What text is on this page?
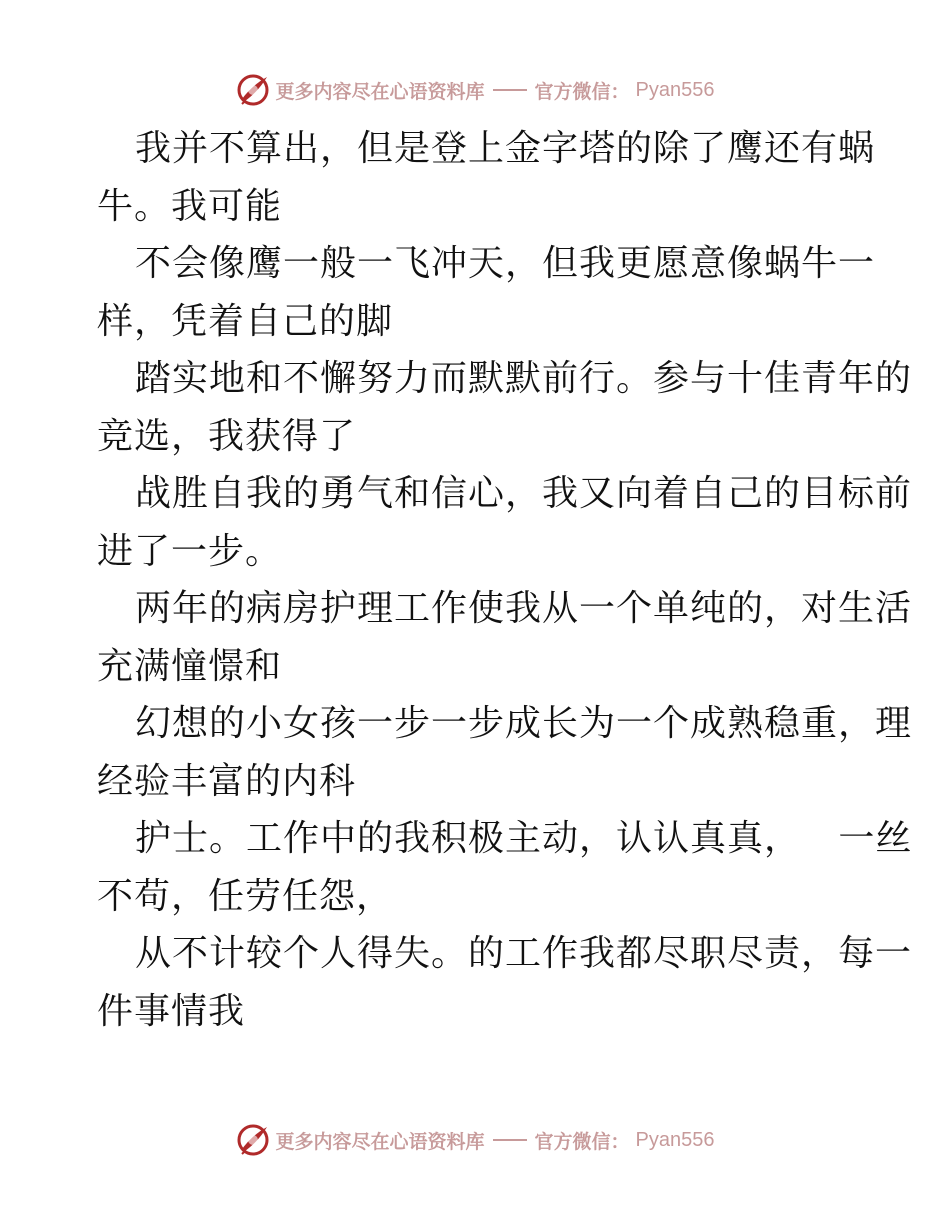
更多内容尽在心语资料库	官方微信： Pyan556
我并不算出，但是登上金字塔的除了鹰还有蜗
牛。我可能
不会像鹰一般一飞冲天，但我更愿意像蜗牛一
样，凭着自己的脚
踏实地和不懈努力而默默前行。参与十佳青年的
竞选，我获得了
战胜自我的勇气和信心，我又向着自己的目标前
进了一步。
两年的病房护理工作使我从一个单纯的，对生活
充满憧憬和
幻想的小女孩一步一步成长为一个成熟稳重，理
经验丰富的内科
护士。工作中的我积极主动，认认真真，   一丝
不苟，任劳任怨，
从不计较个人得失。的工作我都尽职尽责，每一
件事情我
更多内容尽在心语资料库	官方微信： Pyan556
